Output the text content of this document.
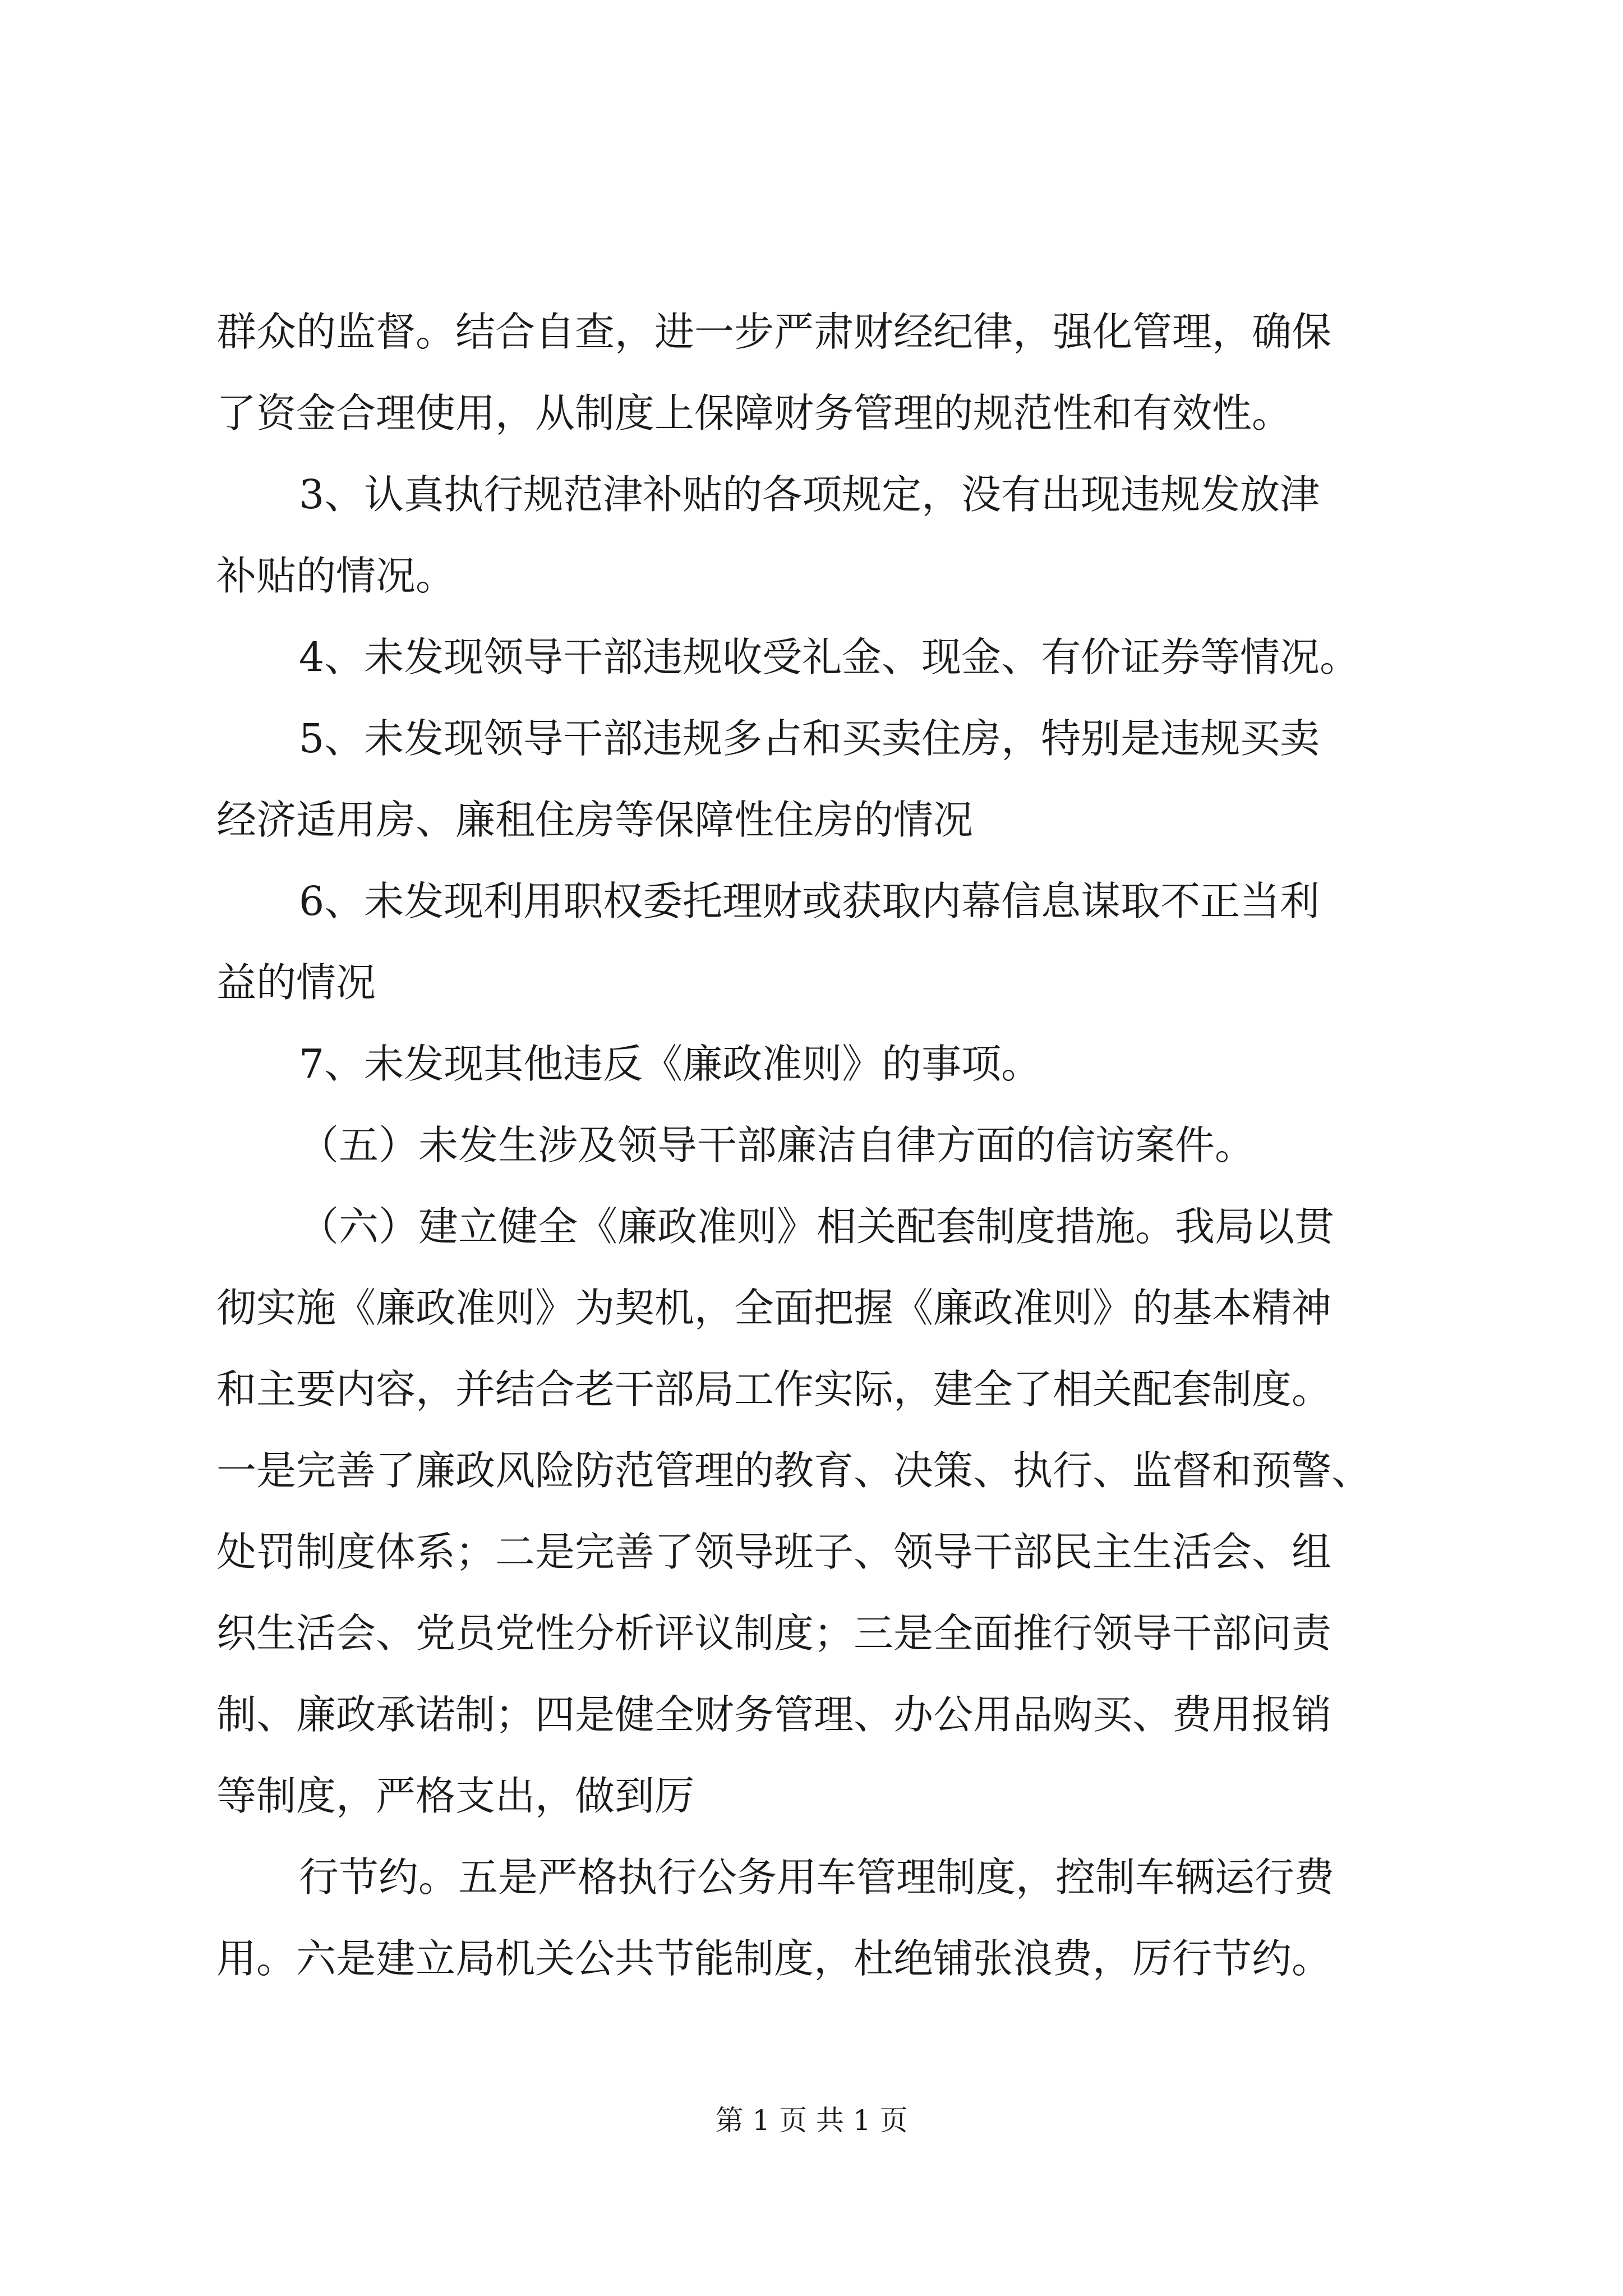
群众的监督。结合自查，进一步严肃财经纪律，强化管理，确保
了资金合理使用，从制度上保障财务管理的规范性和有效性。
3、认真执行规范津补贴的各项规定，没有出现违规发放津
补贴的情况。
4、未发现领导干部违规收受礼金、现金、有价证券等情况。
5、未发现领导干部违规多占和买卖住房，特别是违规买卖
经济适用房、廉租住房等保障性住房的情况
6、未发现利用职权委托理财或获取内幕信息谋取不正当利
益的情况
7、未发现其他违反《廉政准则》的事项。
（五）未发生涉及领导干部廉洁自律方面的信访案件。
（六）建立健全《廉政准则》相关配套制度措施。我局以贯
彻实施《廉政准则》为契机，全面把握《廉政准则》的基本精神
和主要内容，并结合老干部局工作实际，建全了相关配套制度。
一是完善了廉政风险防范管理的教育、决策、执行、监督和预警、
处罚制度体系；二是完善了领导班子、领导干部民主生活会、组
织生活会、党员党性分析评议制度；三是全面推行领导干部问责
制、廉政承诺制；四是健全财务管理、办公用品购买、费用报销
等制度，严格支出，做到厉
行节约。五是严格执行公务用车管理制度，控制车辆运行费
用。六是建立局机关公共节能制度，杜绝铺张浪费，厉行节约。
第 1 页 共 1 页
